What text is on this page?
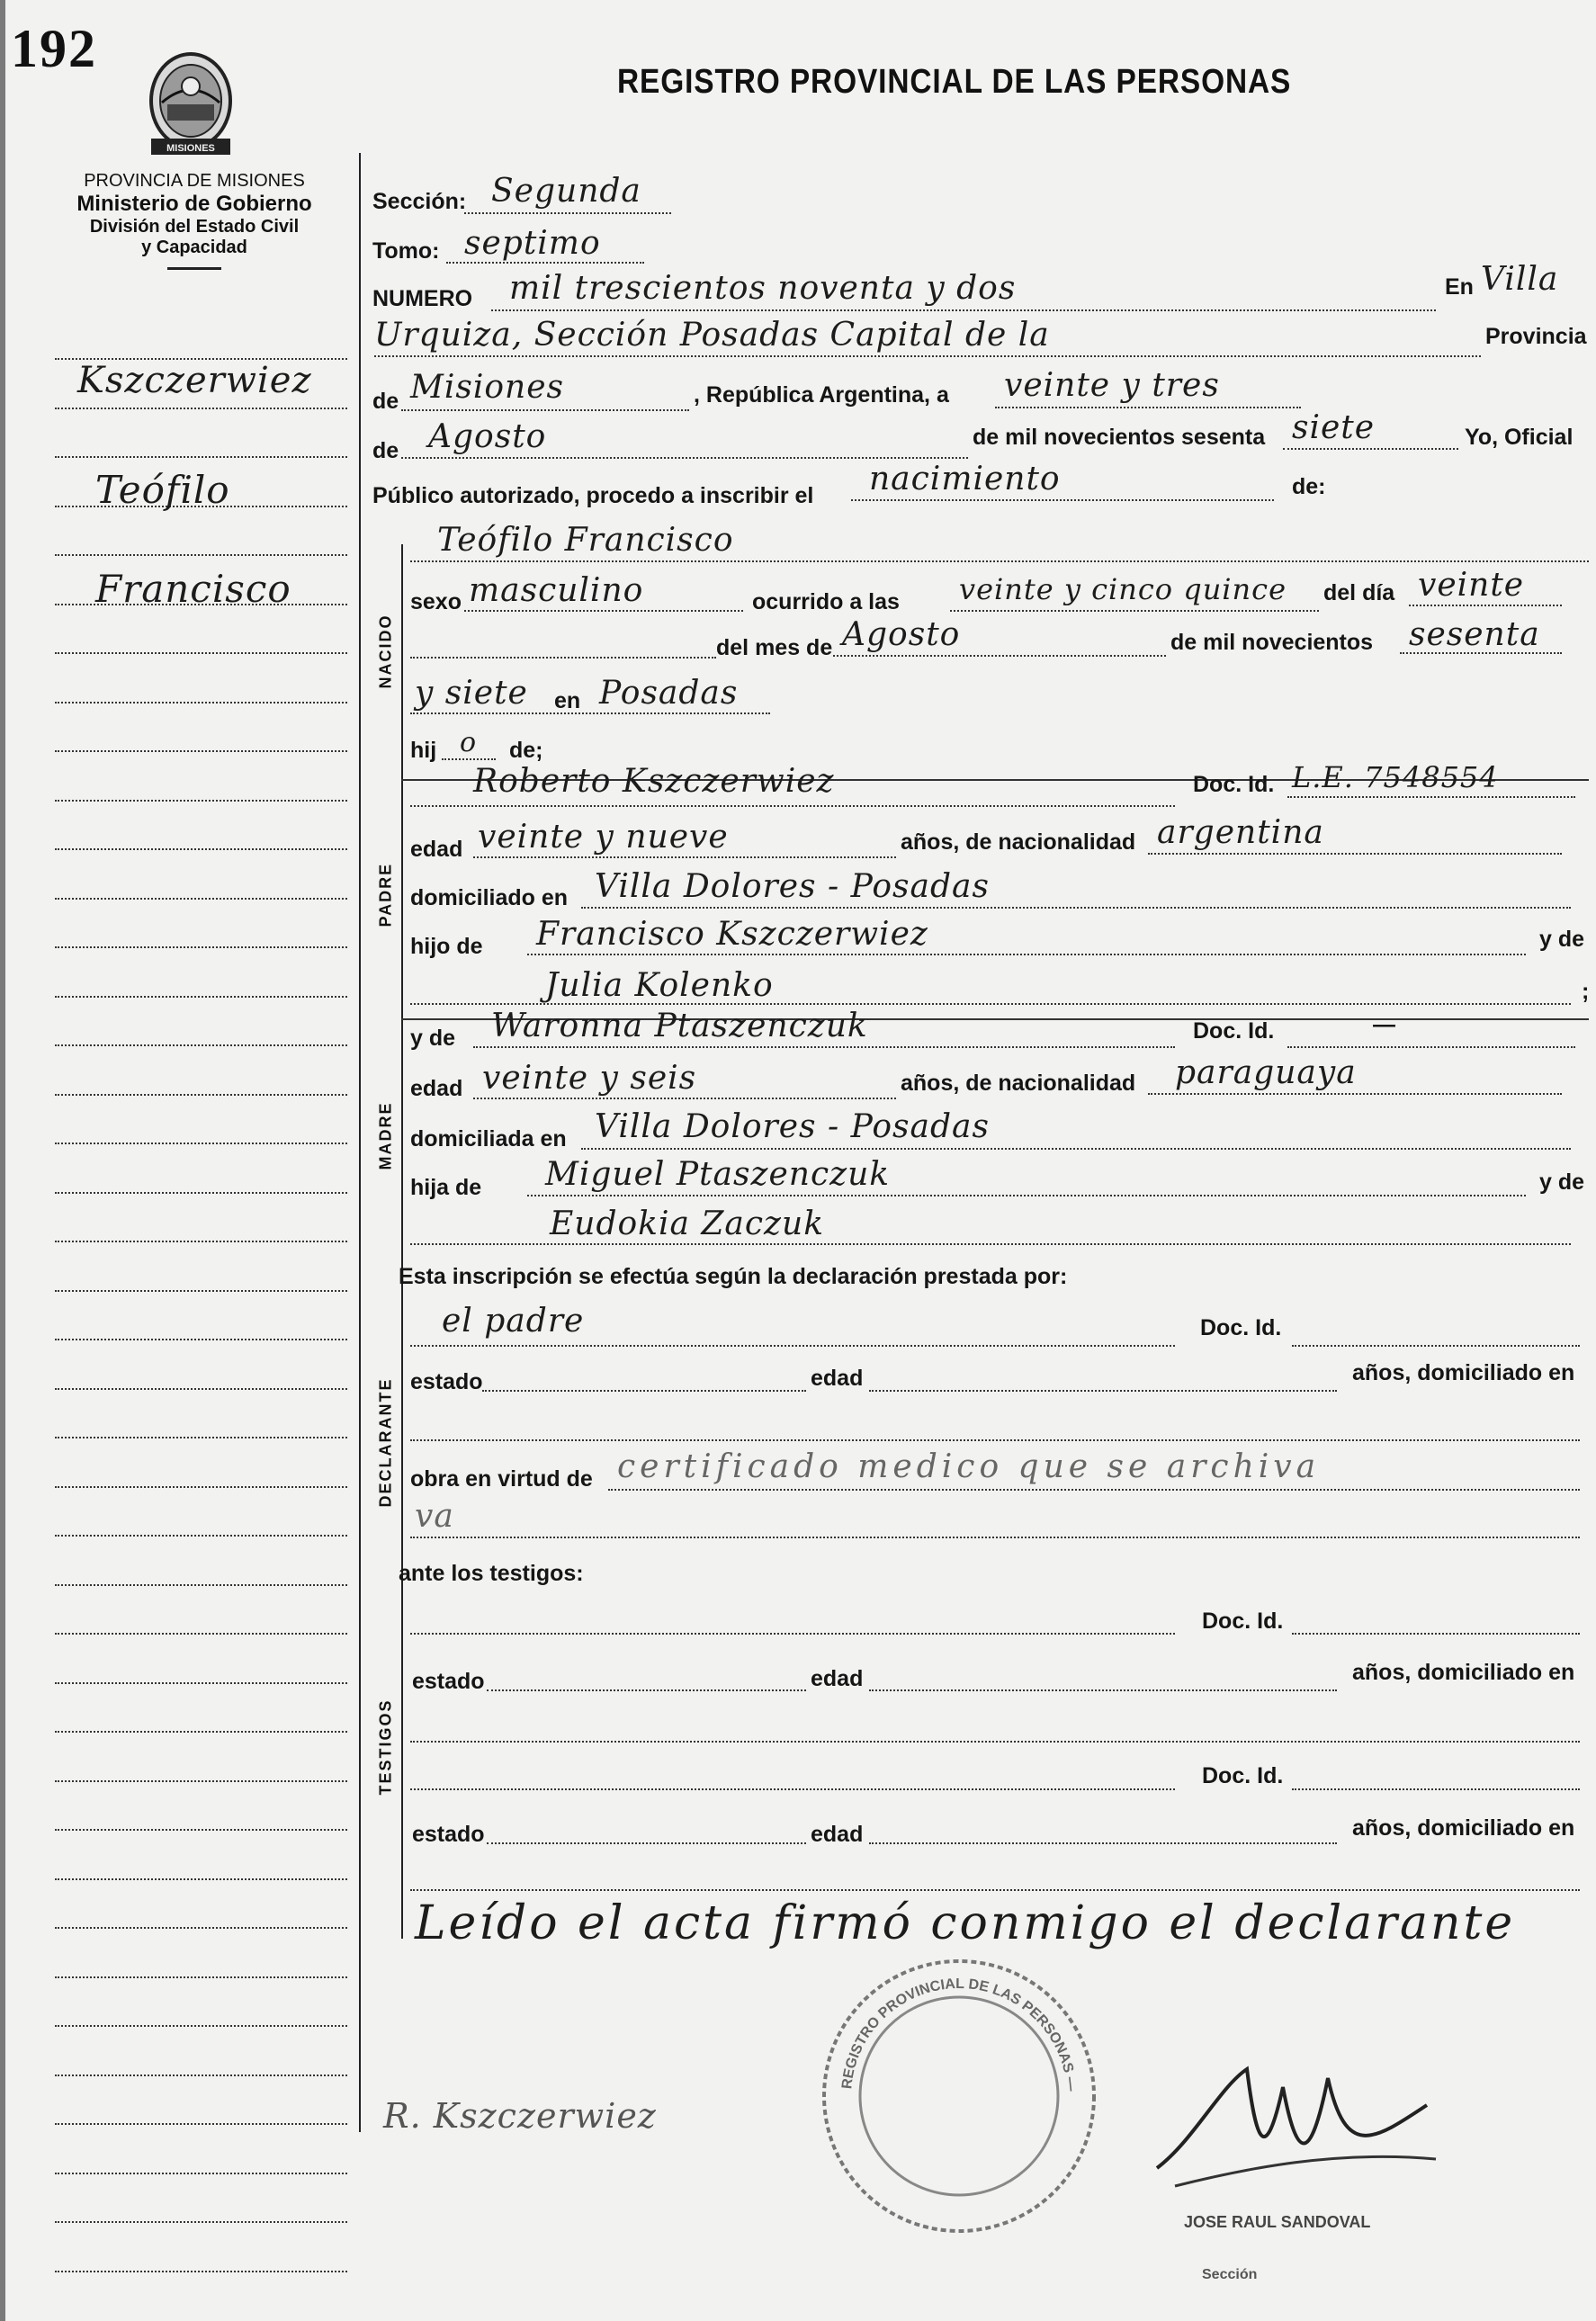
192
MISIONES
PROVINCIA DE MISIONES
Ministerio de Gobierno
División del Estado Civil
y Capacidad
REGISTRO PROVINCIAL DE LAS PERSONAS
Kszczerwiez
Teófilo
Francisco
Sección: Segunda
Tomo: septimo
NUMERO mil trescientos noventa y dos	En Villa
Urquiza, Sección Posadas Capital de la	Provincia
de Misiones	, República Argentina, a veinte y tres
de Agosto	de mil novecientos sesenta siete	Yo, Oficial
Público autorizado, procedo a inscribir el nacimiento	de:
NACIDO
Teófilo Francisco
sexo masculino	ocurrido a las veinte y cinco quince del día veinte
del mes de Agosto	de mil novecientos sesenta
y siete en Posadas
hij o de;
PADRE
Roberto Kszczerwiez	Doc. Id. L.E. 7548554
edad veinte y nueve	años, de nacionalidad argentina
domiciliado en Villa Dolores - Posadas
hijo de Francisco Kszczerwiez	y de
Julia Kolenko	;
MADRE
y de Waronna Ptaszenczuk	Doc. Id.	—
edad veinte y seis	años, de nacionalidad paraguaya
domiciliada en Villa Dolores - Posadas
hija de Miguel Ptaszenczuk	y de
Eudokia Zaczuk
Esta inscripción se efectúa según la declaración prestada por:
DECLARANTE
el padre	Doc. Id.
estado	edad	años, domiciliado en
obra en virtud de certificado medico que se archiva
va
ante los testigos:
TESTIGOS
Doc. Id.
estado	edad	años, domiciliado en
Doc. Id.
estado	edad	años, domiciliado en
Leído el acta firmó conmigo el declarante
REGISTRO PROVINCIAL DE LAS PERSONAS —
R. Kszczerwiez
JOSE RAUL SANDOVAL
Sección
